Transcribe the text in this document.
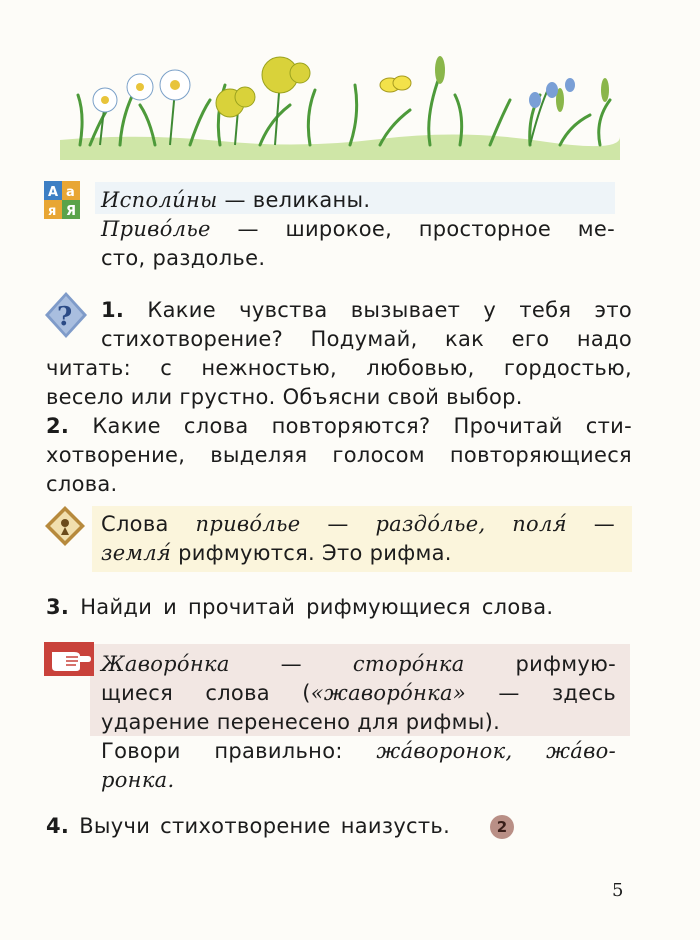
А а
я Я Исполи́ны — великаны.
Приво́лье — широкое, просторное ме-
сто, раздолье.
? 1. Какие чувства вызывает у тебя это
стихотворение? Подумай, как его надо
читать: с нежностью, любовью, гордостью,
весело или грустно. Объясни свой выбор.
2. Какие слова повторяются? Прочитай сти-
хотворение, выделяя голосом повторяющиеся
слова.
Слова приво́лье — раздо́лье, поля́ —
земля́ рифмуются. Это рифма.
3. Найди и прочитай рифмующиеся слова.
Жаворо́нка — сторо́нка рифмую-
щиеся слова («жаворо́нка» — здесь
ударение перенесено для рифмы).
Говори правильно: жа́воронок, жа́во-
ронка.
4. Выучи стихотворение наизусть.	2
5
